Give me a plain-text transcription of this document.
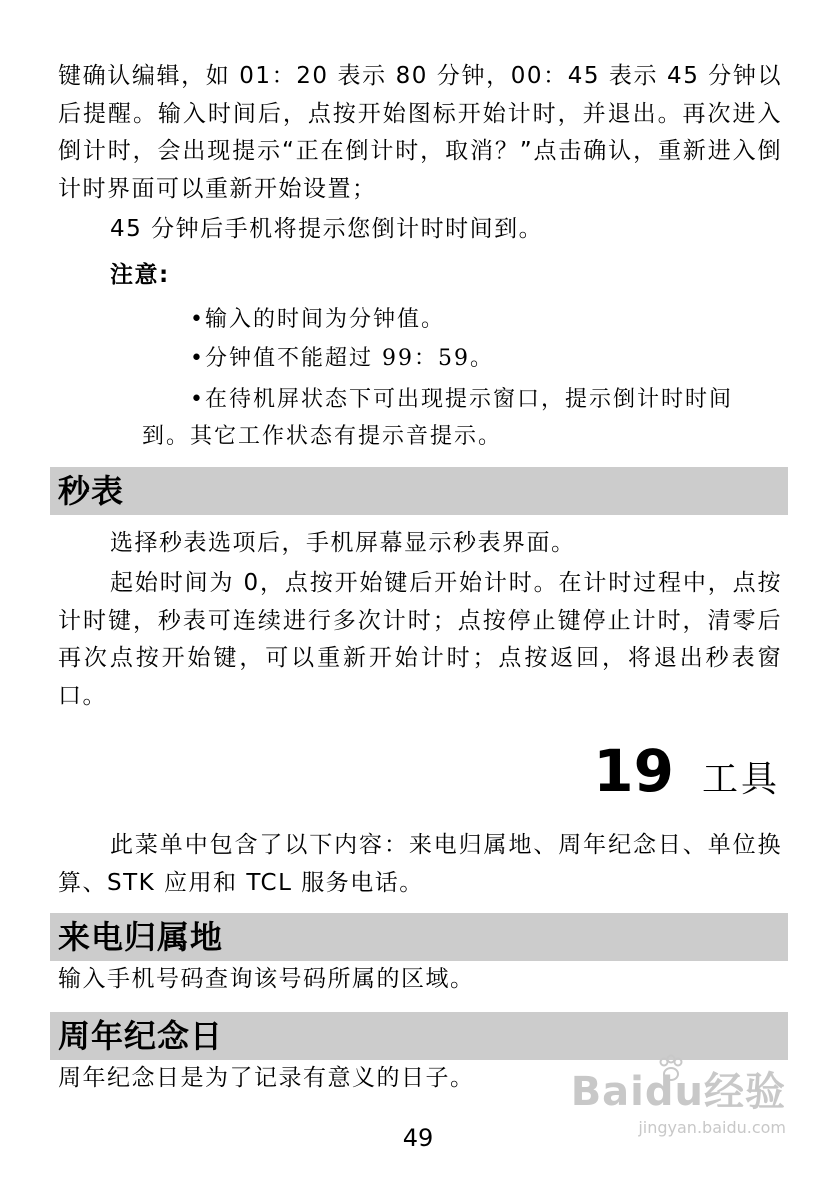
键确认编辑，如 01：20 表示 80 分钟，00：45 表示 45 分钟以后提醒。输入时间后，点按开始图标开始计时，并退出。再次进入倒计时，会出现提示“正在倒计时，取消？”点击确认，重新进入倒计时界面可以重新开始设置；

45 分钟后手机将提示您倒计时时间到。

注意:

•输入的时间为分钟值。

•分钟值不能超过 99：59。

•在待机屏状态下可出现提示窗口，提示倒计时时间

到。其它工作状态有提示音提示。

秒表

选择秒表选项后，手机屏幕显示秒表界面。

起始时间为 0，点按开始键后开始计时。在计时过程中，点按计时键，秒表可连续进行多次计时；点按停止键停止计时，清零后再次点按开始键，可以重新开始计时；点按返回，将退出秒表窗口。

19 工具

此菜单中包含了以下内容：来电归属地、周年纪念日、单位换算、STK 应用和 TCL 服务电话。

来电归属地

输入手机号码查询该号码所属的区域。

周年纪念日

周年纪念日是为了记录有意义的日子。

49
Baidu经验
jingyan.baidu.com
